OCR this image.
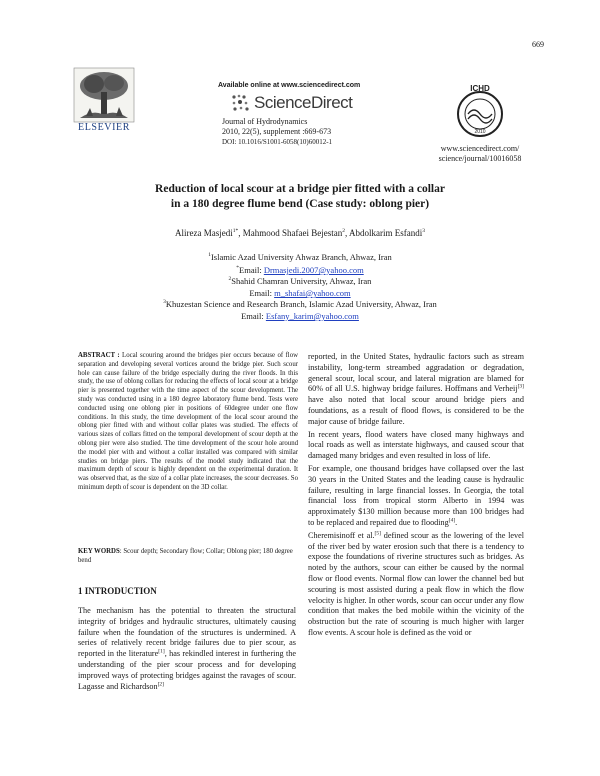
669
ELSEVIER
Available online at www.sciencedirect.com
ScienceDirect
Journal of Hydrodynamics
2010, 22(5), supplement :669-673
DOI: 10.1016/S1001-6058(10)60012-1
ICHD
2010
www.sciencedirect.com/
science/journal/10016058
Reduction of local scour at a bridge pier fitted with a collar
in a 180 degree flume bend (Case study: oblong pier)
Alireza Masjedi$^{1*}$, Mahmood Shafaei Bejestan$^2$, Abdolkarim Esfandi$^3$
$^1$Islamic Azad University Ahwaz Branch, Ahwaz, Iran
*Email: Drmasjedi.2007@yahoo.com
$^2$Shahid Chamran University, Ahwaz, Iran
Email: m_shafai@yahoo.com
$^3$Khuzestan Science and Research Branch, Islamic Azad University, Ahwaz, Iran
Email: Esfany_karim@yahoo.com
ABSTRACT : Local scouring around the bridges pier occurs because of flow separation and developing several vortices around the bridge pier. Such scour hole can cause failure of the bridge especially during the river floods. In this study, the use of oblong collars for reducing the effects of local scour at a bridge pier is presented together with the time aspect of the scour development. The study was conducted using in a 180 degree laboratory flume bend. Tests were conducted using one oblong pier in positions of 60degree under one flow conditions. In this study, the time development of the local scour around the oblong pier fitted with and without collar plates was studied. The effects of various sizes of collars fitted on the temporal development of scour depth at the oblong pier were also studied. The time development of the scour hole around the model pier with and without a collar installed was compared with similar studies on bridge piers. The results of the model study indicated that the maximum depth of scour is highly dependent on the experimental duration. It was observed that, as the size of a collar plate increases, the scour decreases. So minimum depth of scour is dependent on the 3D collar.
KEY WORDS: Scour depth; Secondary flow; Collar; Oblong pier; 180 degree bend
1 INTRODUCTION
The mechanism has the potential to threaten the structural integrity of bridges and hydraulic structures, ultimately causing failure when the foundation of the structures is undermined. A series of relatively recent bridge failures due to pier scour, as reported in the literature[1], has rekindled interest in furthering the understanding of the pier scour process and for developing improved ways of protecting bridges against the ravages of scour. Lagasse and Richardson[2]

reported, in the United States, hydraulic factors such as stream instability, long-term streambed aggradation or degradation, general scour, local scour, and lateral migration are blamed for 60% of all U.S. highway bridge failures. Hoffmans and Verheij[3] have also noted that local scour around bridge piers and foundations, as a result of flood flows, is considered to be the major cause of bridge failure.

In recent years, flood waters have closed many highways and local roads as well as interstate highways, and caused scour that damaged many bridges and even resulted in loss of life.

For example, one thousand bridges have collapsed over the last 30 years in the United States and the leading cause is hydraulic failure, resulting in large financial losses. In Georgia, the total financial loss from tropical storm Alberto in 1994 was approximately $130 million because more than 100 bridges had to be replaced and repaired due to flooding[4].

Cheremisinoff et al.[5] defined scour as the lowering of the level of the river bed by water erosion such that there is a tendency to expose the foundations of riverine structures such as bridges. As noted by the authors, scour can either be caused by the normal flow or flood events. Normal flow can lower the channel bed but scouring is most assisted during a peak flow in which the flow velocity is higher. In other words, scour can occur under any flow condition that makes the bed mobile within the vicinity of the obstruction but the rate of scouring is much higher with larger flow events. A scour hole is defined as the void or
